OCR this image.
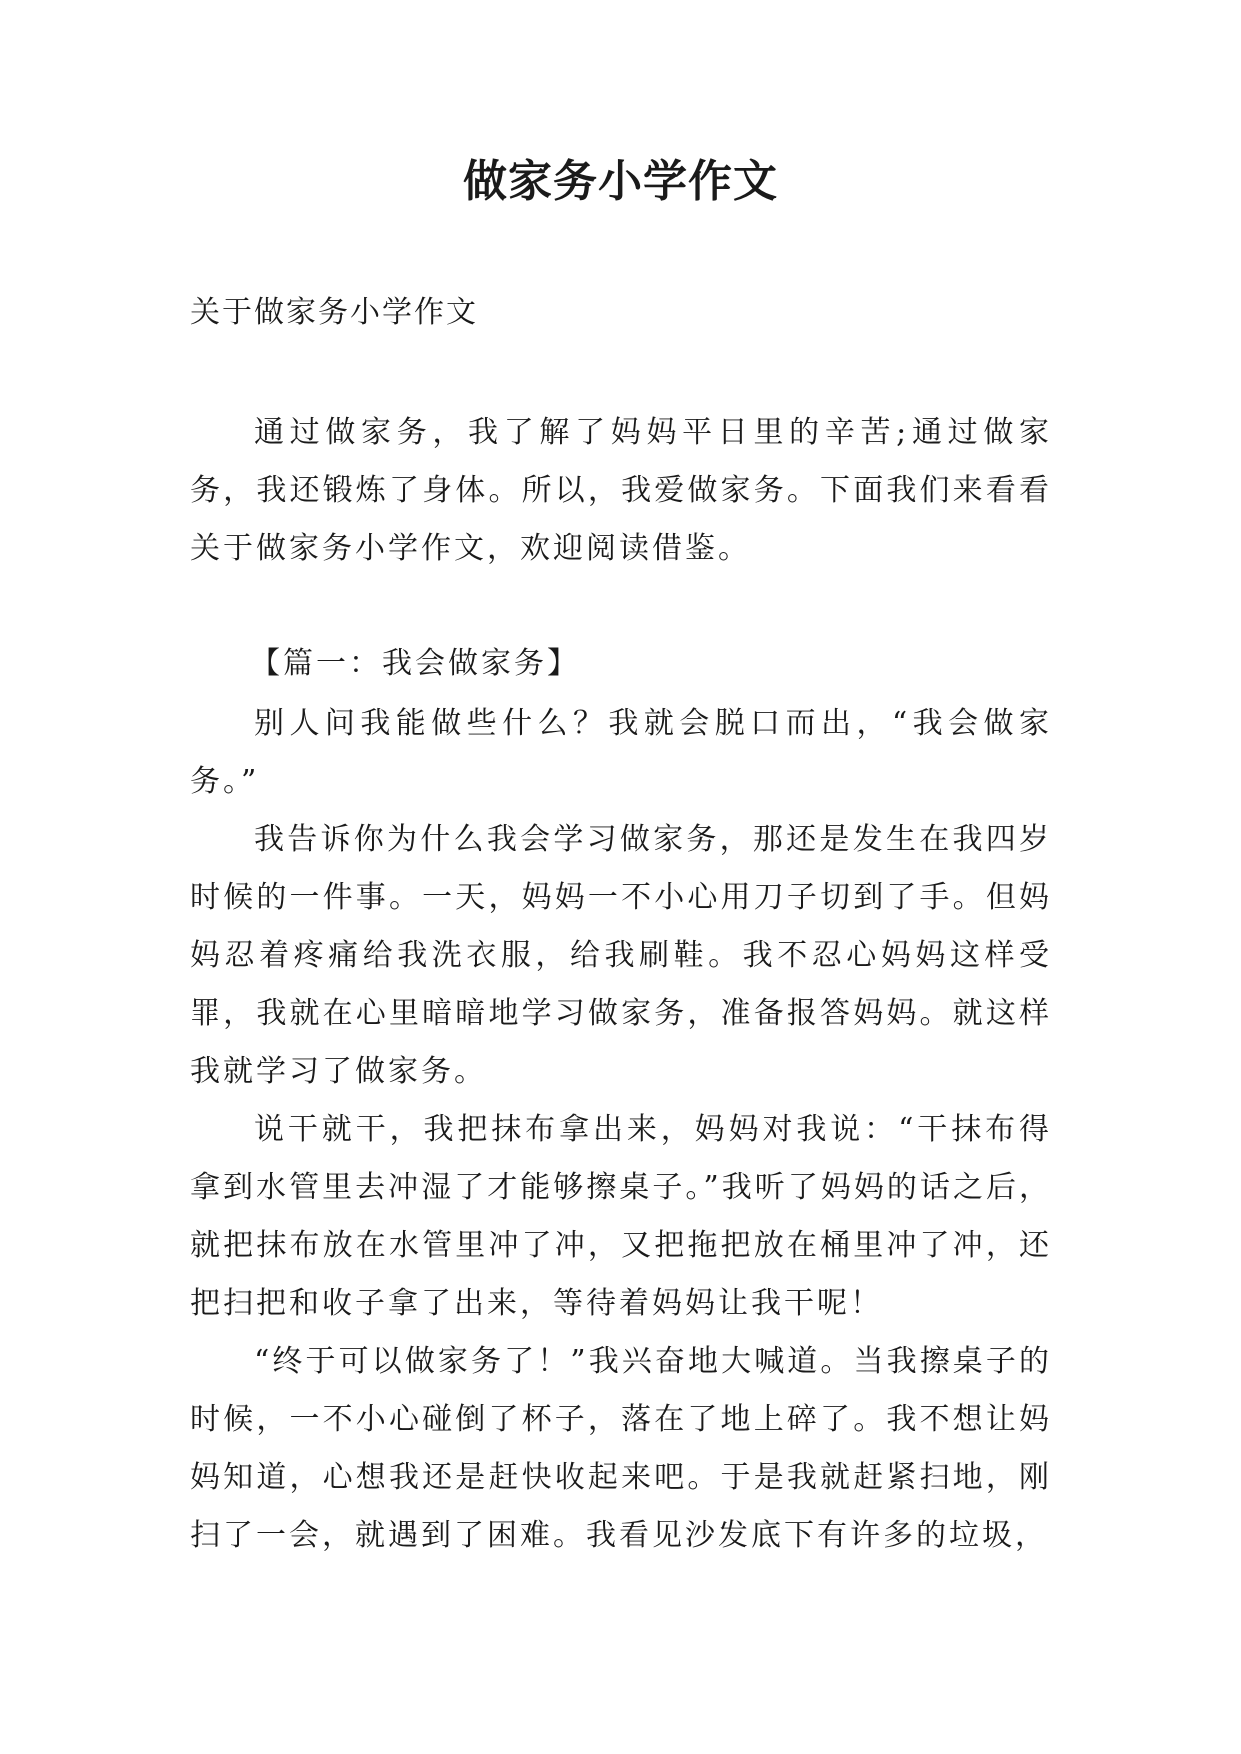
做家务小学作文

关于做家务小学作文

通过做家务，我了解了妈妈平日里的辛苦;通过做家务，我还锻炼了身体。所以，我爱做家务。下面我们来看看关于做家务小学作文，欢迎阅读借鉴。

【篇一：我会做家务】

别人问我能做些什么？我就会脱口而出，“我会做家务。”

我告诉你为什么我会学习做家务，那还是发生在我四岁时候的一件事。一天，妈妈一不小心用刀子切到了手。但妈妈忍着疼痛给我洗衣服，给我刷鞋。我不忍心妈妈这样受罪，我就在心里暗暗地学习做家务，准备报答妈妈。就这样我就学习了做家务。

说干就干，我把抹布拿出来，妈妈对我说：“干抹布得拿到水管里去冲湿了才能够擦桌子。”我听了妈妈的话之后，就把抹布放在水管里冲了冲，又把拖把放在桶里冲了冲，还把扫把和收子拿了出来，等待着妈妈让我干呢！

“终于可以做家务了！”我兴奋地大喊道。当我擦桌子的时候，一不小心碰倒了杯子，落在了地上碎了。我不想让妈妈知道，心想我还是赶快收起来吧。于是我就赶紧扫地，刚扫了一会，就遇到了困难。我看见沙发底下有许多的垃圾，
